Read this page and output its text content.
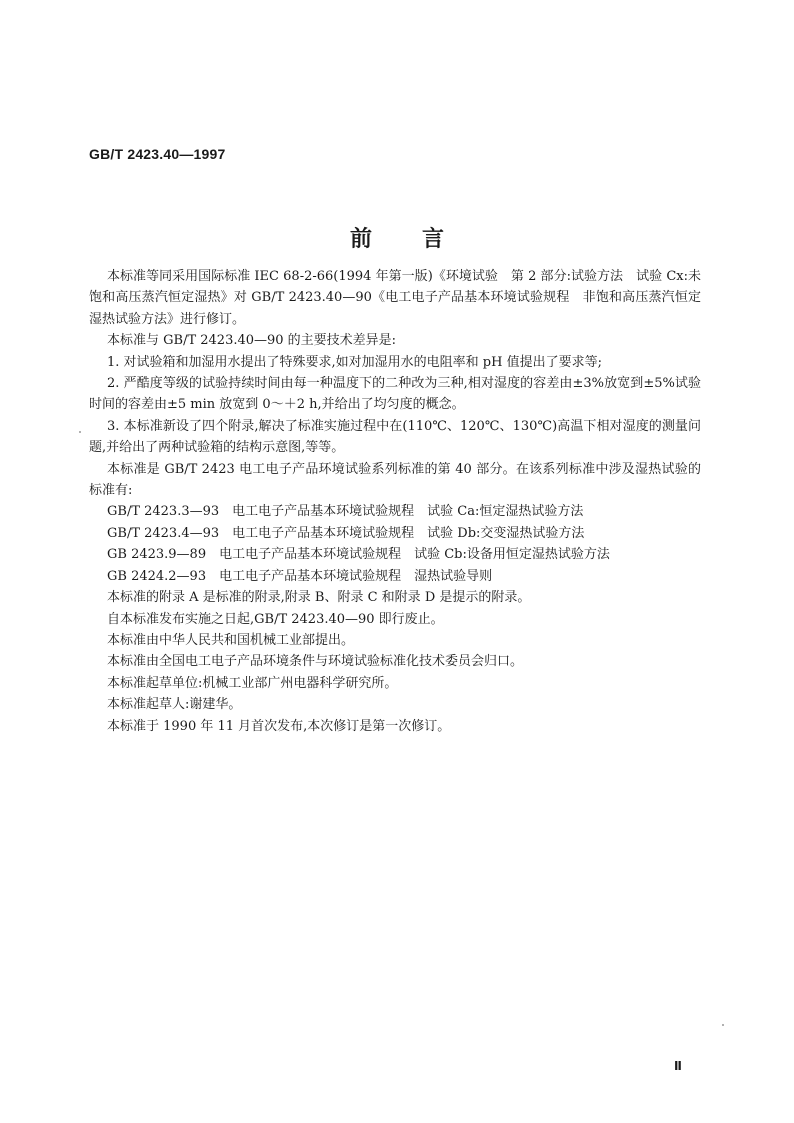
GB/T 2423.40—1997
前言

本标准等同采用国际标准 IEC 68-2-66(1994 年第一版)《环境试验　第 2 部分:试验方法　试验 Cx:未饱和高压蒸汽恒定湿热》对 GB/T 2423.40—90《电工电子产品基本环境试验规程　非饱和高压蒸汽恒定湿热试验方法》进行修订。

本标准与 GB/T 2423.40—90 的主要技术差异是:

1. 对试验箱和加湿用水提出了特殊要求,如对加湿用水的电阻率和 pH 值提出了要求等;

2. 严酷度等级的试验持续时间由每一种温度下的二种改为三种,相对湿度的容差由±3%放宽到±5%试验时间的容差由±5 min 放宽到 0～＋2 h,并给出了均匀度的概念。

3. 本标准新设了四个附录,解决了标准实施过程中在(110℃、120℃、130℃)高温下相对湿度的测量问题,并给出了两种试验箱的结构示意图,等等。

本标准是 GB/T 2423 电工电子产品环境试验系列标准的第 40 部分。在该系列标准中涉及湿热试验的标准有:

GB/T 2423.3—93　电工电子产品基本环境试验规程　试验 Ca:恒定湿热试验方法

GB/T 2423.4—93　电工电子产品基本环境试验规程　试验 Db:交变湿热试验方法

GB 2423.9—89　电工电子产品基本环境试验规程　试验 Cb:设备用恒定湿热试验方法

GB 2424.2—93　电工电子产品基本环境试验规程　湿热试验导则

本标准的附录 A 是标准的附录,附录 B、附录 C 和附录 D 是提示的附录。

自本标准发布实施之日起,GB/T 2423.40—90 即行废止。

本标准由中华人民共和国机械工业部提出。

本标准由全国电工电子产品环境条件与环境试验标准化技术委员会归口。

本标准起草单位:机械工业部广州电器科学研究所。

本标准起草人:谢建华。

本标准于 1990 年 11 月首次发布,本次修订是第一次修订。

Ⅱ
